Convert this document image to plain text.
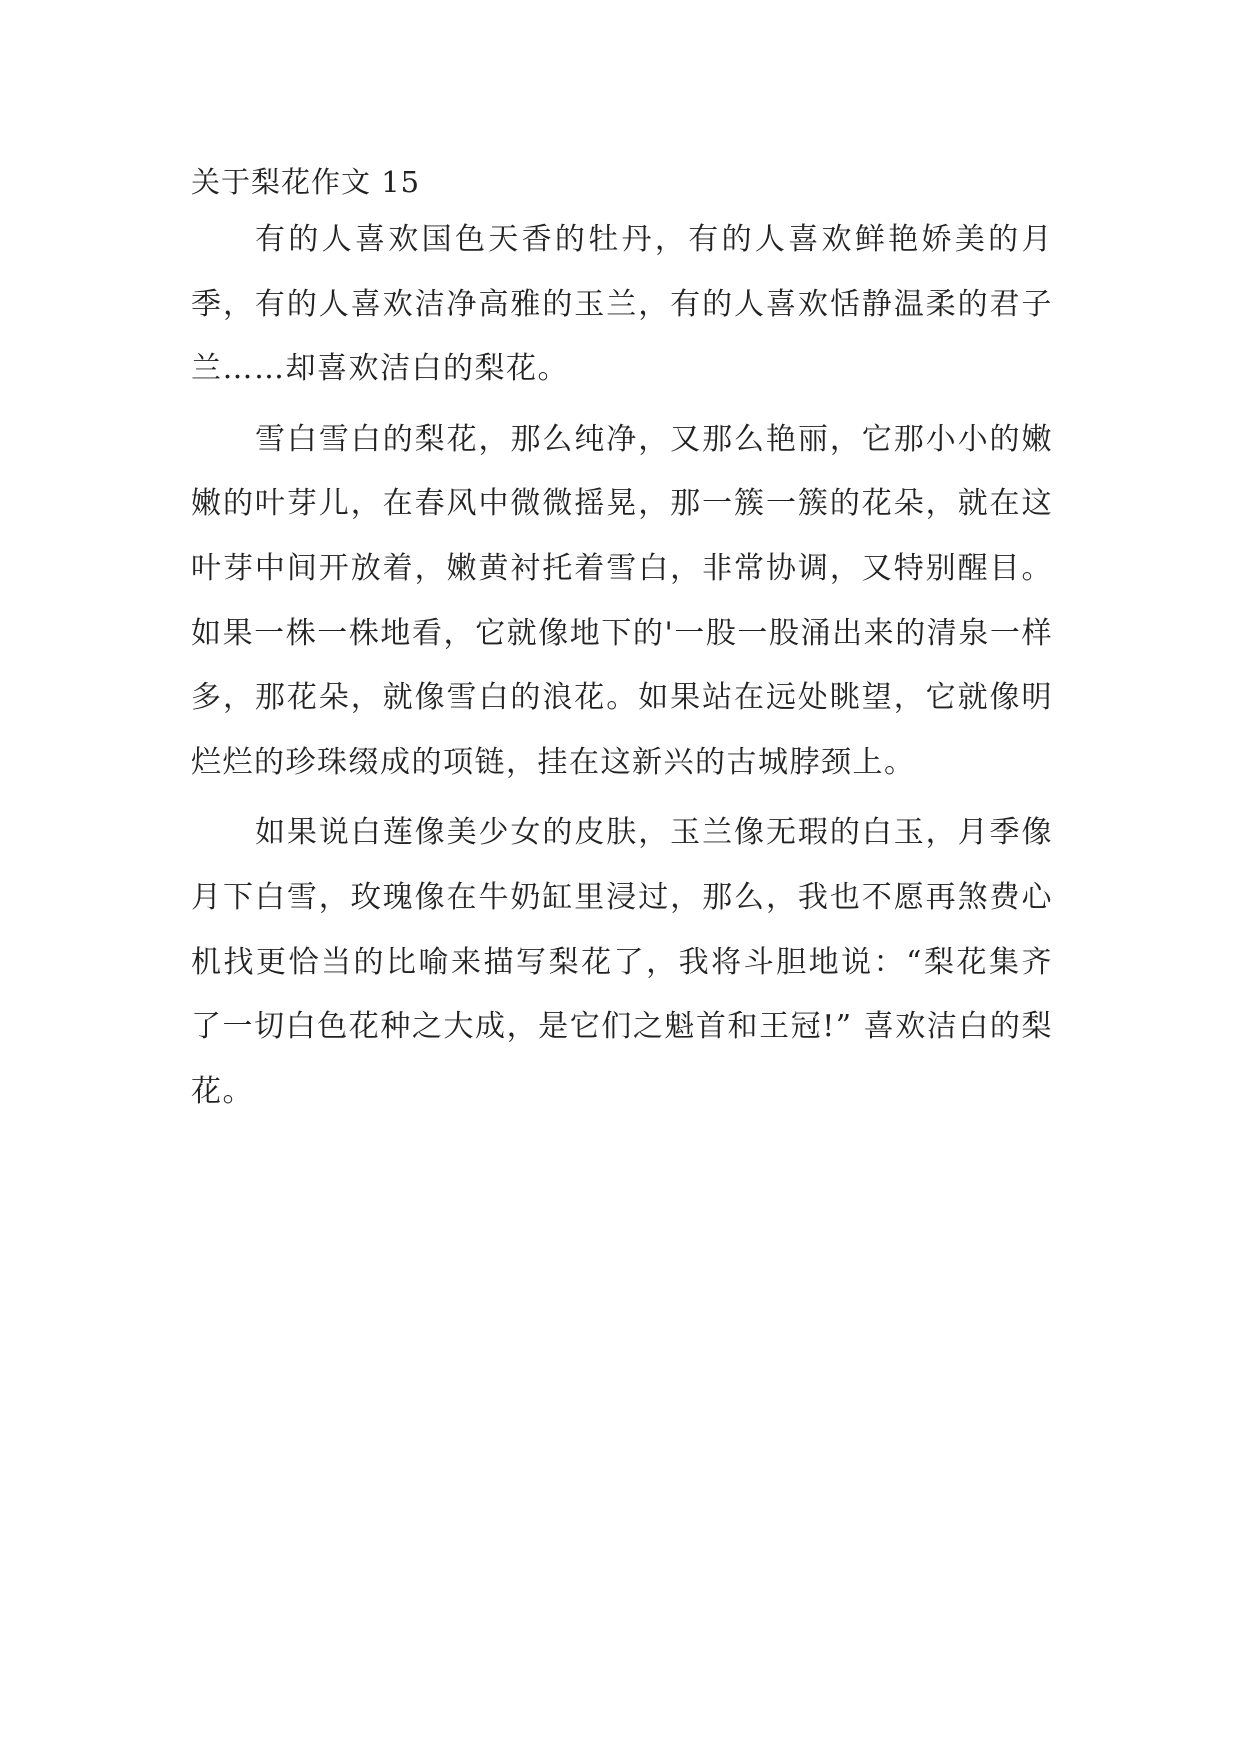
关于梨花作文 15

有的人喜欢国色天香的牡丹，有的人喜欢鲜艳娇美的月季，有的人喜欢洁净高雅的玉兰，有的人喜欢恬静温柔的君子兰……却喜欢洁白的梨花。

雪白雪白的梨花，那么纯净，又那么艳丽，它那小小的嫩嫩的叶芽儿，在春风中微微摇晃，那一簇一簇的花朵，就在这叶芽中间开放着，嫩黄衬托着雪白，非常协调，又特别醒目。如果一株一株地看，它就像地下的'一股一股涌出来的清泉一样多，那花朵，就像雪白的浪花。如果站在远处眺望，它就像明烂烂的珍珠缀成的项链，挂在这新兴的古城脖颈上。

如果说白莲像美少女的皮肤，玉兰像无瑕的白玉，月季像月下白雪，玫瑰像在牛奶缸里浸过，那么，我也不愿再煞费心机找更恰当的比喻来描写梨花了，我将斗胆地说：“梨花集齐了一切白色花种之大成，是它们之魁首和王冠!” 喜欢洁白的梨花。
